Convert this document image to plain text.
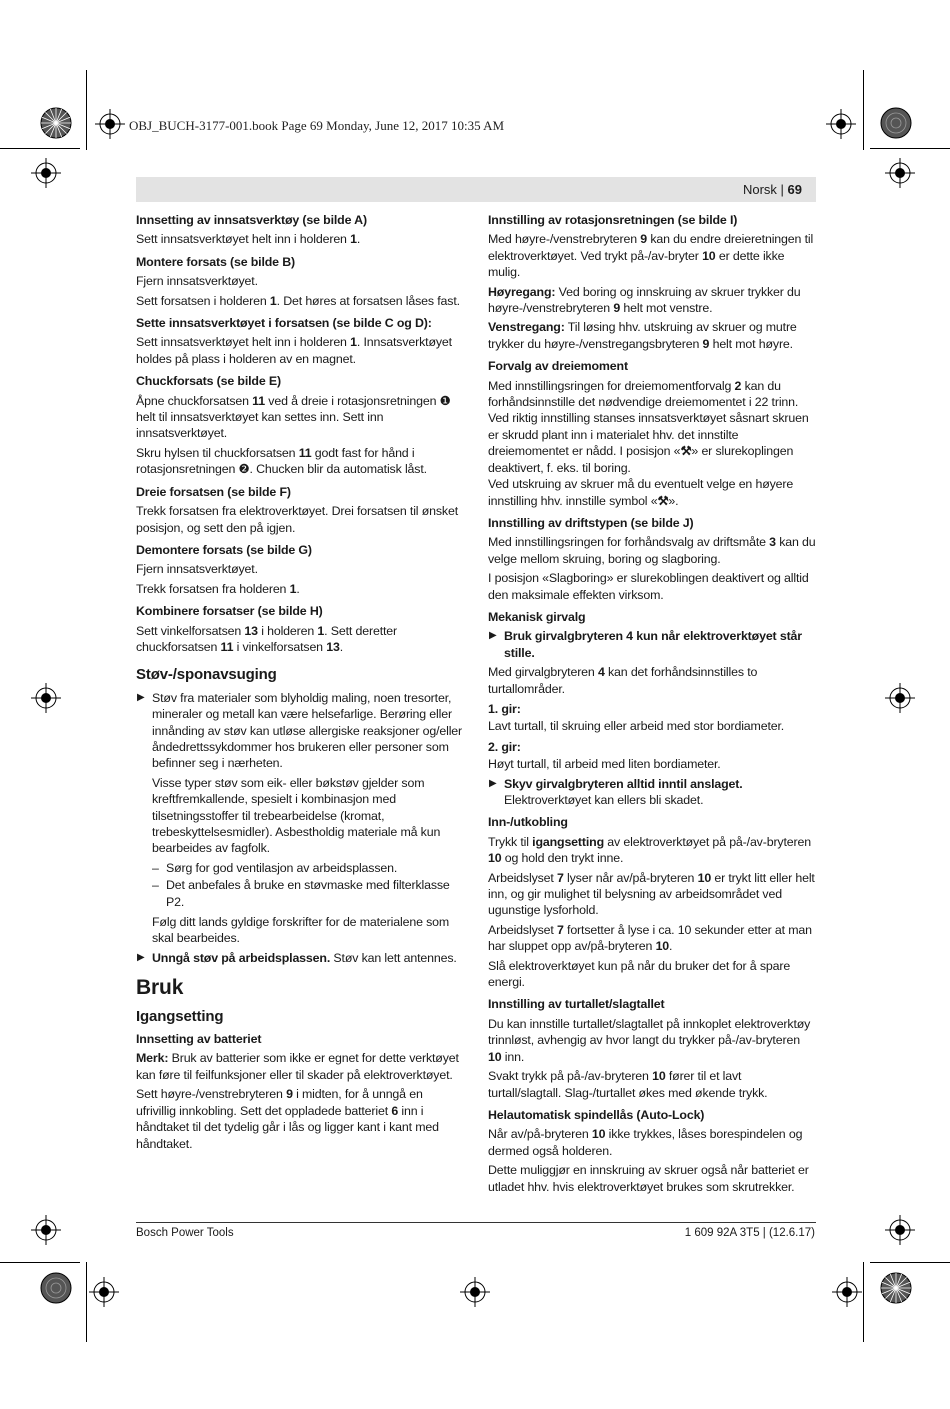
OBJ_BUCH-3177-001.book Page 69 Monday, June 12, 2017 10:35 AM
Norsk | 69
Innsetting av innsatsverktøy (se bilde A)

Sett innsatsverktøyet helt inn i holderen 1.

Montere forsats (se bilde B)

Fjern innsatsverktøyet.

Sett forsatsen i holderen 1. Det høres at forsatsen låses fast.

Sette innsatsverktøyet i forsatsen (se bilde C og D):

Sett innsatsverktøyet helt inn i holderen 1. Innsatsverktøyet holdes på plass i holderen av en magnet.

Chuckforsats (se bilde E)

Åpne chuckforsatsen 11 ved å dreie i rotasjonsretningen ❶ helt til innsatsverktøyet kan settes inn. Sett inn innsatsverktøyet.

Skru hylsen til chuckforsatsen 11 godt fast for hånd i rotasjonsretningen ❷. Chucken blir da automatisk låst.

Dreie forsatsen (se bilde F)

Trekk forsatsen fra elektroverktøyet. Drei forsatsen til ønsket posisjon, og sett den på igjen.

Demontere forsats (se bilde G)

Fjern innsatsverktøyet.

Trekk forsatsen fra holderen 1.

Kombinere forsatser (se bilde H)

Sett vinkelforsatsen 13 i holderen 1. Sett deretter chuckforsatsen 11 i vinkelforsatsen 13.

Støv-/sponavsuging
▶ Støv fra materialer som blyholdig maling, noen tresorter, mineraler og metall kan være helsefarlige. Berøring eller innånding av støv kan utløse allergiske reaksjoner og/eller åndedrettssykdommer hos brukeren eller personer som befinner seg i nærheten.
Visse typer støv som eik- eller bøkstøv gjelder som kreftfremkallende, spesielt i kombinasjon med tilsetningsstoffer til trebearbeidelse (kromat, trebeskyttelsesmidler). Asbestholdig materiale må kun bearbeides av fagfolk.
– Sørg for god ventilasjon av arbeidsplassen.
– Det anbefales å bruke en støvmaske med filterklasse P2.
Følg ditt lands gyldige forskrifter for de materialene som skal bearbeides.
▶ Unngå støv på arbeidsplassen. Støv kan lett antennes.
Bruk
Igangsetting
Innsetting av batteriet

Merk: Bruk av batterier som ikke er egnet for dette verktøyet kan føre til feilfunksjoner eller til skader på elektroverktøyet.

Sett høyre-/venstrebryteren 9 i midten, for å unngå en ufrivillig innkobling. Sett det oppladede batteriet 6 inn i håndtaket til det tydelig går i lås og ligger kant i kant med håndtaket.

Innstilling av rotasjonsretningen (se bilde I)

Med høyre-/venstrebryteren 9 kan du endre dreieretningen til elektroverktøyet. Ved trykt på-/av-bryter 10 er dette ikke mulig.

Høyregang: Ved boring og innskruing av skruer trykker du høyre-/venstrebryteren 9 helt mot venstre.

Venstregang: Til løsing hhv. utskruing av skruer og mutre trykker du høyre-/venstregangsbryteren 9 helt mot høyre.

Forvalg av dreiemoment

Med innstillingsringen for dreiemomentforvalg 2 kan du forhåndsinnstille det nødvendige dreiemomentet i 22 trinn. Ved riktig innstilling stanses innsatsverktøyet såsnart skruen er skrudd plant inn i materialet hhv. det innstilte dreiemomentet er nådd. I posisjon «⚒» er slurekoplingen deaktivert, f. eks. til boring.

Ved utskruing av skruer må du eventuelt velge en høyere innstilling hhv. innstille symbol «⚒».

Innstilling av driftstypen (se bilde J)

Med innstillingsringen for forhåndsvalg av driftsmåte 3 kan du velge mellom skruing, boring og slagboring.

I posisjon «Slagboring» er slurekoblingen deaktivert og alltid den maksimale effekten virksom.

Mekanisk girvalg
▶ Bruk girvalgbryteren 4 kun når elektroverktøyet står stille.

Med girvalgbryteren 4 kan det forhåndsinnstilles to turtallområder.

1. gir:

Lavt turtall, til skruing eller arbeid med stor bordiameter.

2. gir:

Høyt turtall, til arbeid med liten bordiameter.

▶ Skyv girvalgbryteren alltid inntil anslaget. Elektroverktøyet kan ellers bli skadet.
Inn-/utkobling

Trykk til igangsetting av elektroverktøyet på på-/av-bryteren 10 og hold den trykt inne.

Arbeidslyset 7 lyser når av/på-bryteren 10 er trykt litt eller helt inn, og gir mulighet til belysning av arbeidsområdet ved ugunstige lysforhold.

Arbeidslyset 7 fortsetter å lyse i ca. 10 sekunder etter at man har sluppet opp av/på-bryteren 10.

Slå elektroverktøyet kun på når du bruker det for å spare energi.

Innstilling av turtallet/slagtallet

Du kan innstille turtallet/slagtallet på innkoplet elektroverktøy trinnløst, avhengig av hvor langt du trykker på-/av-bryteren 10 inn.

Svakt trykk på på-/av-bryteren 10 fører til et lavt turtall/slagtall. Slag-/turtallet økes med økende trykk.

Helautomatisk spindellås (Auto-Lock)

Når av/på-bryteren 10 ikke trykkes, låses borespindelen og dermed også holderen.

Dette muliggjør en innskruing av skruer også når batteriet er utladet hhv. hvis elektroverktøyet brukes som skrutrekker.

Bosch Power Tools	1 609 92A 3T5 | (12.6.17)
